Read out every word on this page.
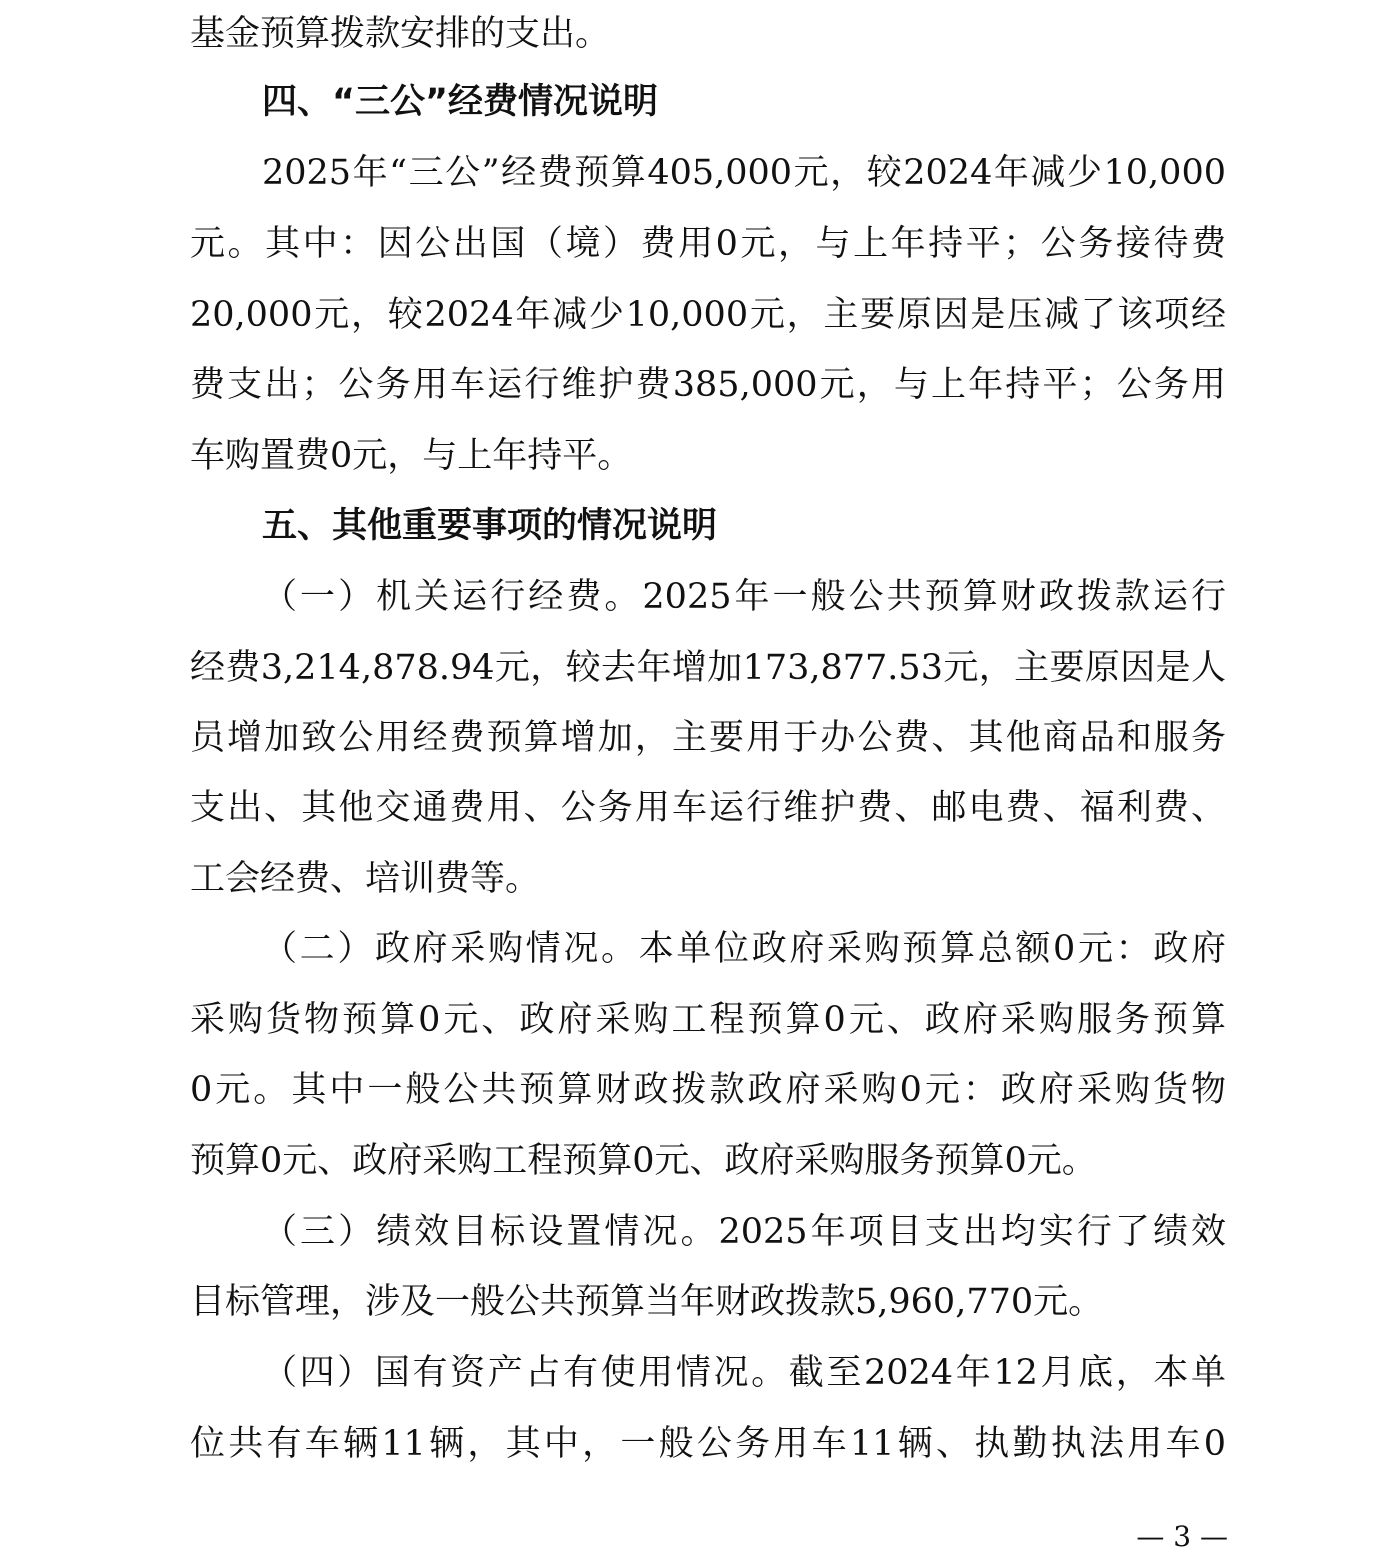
基金预算拨款安排的支出。
四、“三公”经费情况说明
2025年“三公”经费预算405,000元，较2024年减少10,000
元。其中：因公出国（境）费用0元，与上年持平；公务接待费
20,000元，较2024年减少10,000元，主要原因是压减了该项经
费支出；公务用车运行维护费385,000元，与上年持平；公务用
车购置费0元，与上年持平。
五、其他重要事项的情况说明
（一）机关运行经费。2025年一般公共预算财政拨款运行
经费3,214,878.94元，较去年增加173,877.53元，主要原因是人
员增加致公用经费预算增加，主要用于办公费、其他商品和服务
支出、其他交通费用、公务用车运行维护费、邮电费、福利费、
工会经费、培训费等。
（二）政府采购情况。本单位政府采购预算总额0元：政府
采购货物预算0元、政府采购工程预算0元、政府采购服务预算
0元。其中一般公共预算财政拨款政府采购0元：政府采购货物
预算0元、政府采购工程预算0元、政府采购服务预算0元。
（三）绩效目标设置情况。2025年项目支出均实行了绩效
目标管理，涉及一般公共预算当年财政拨款5,960,770元。
（四）国有资产占有使用情况。截至2024年12月底，本单
位共有车辆11辆，其中，一般公务用车11辆、执勤执法用车0
— 3 —
